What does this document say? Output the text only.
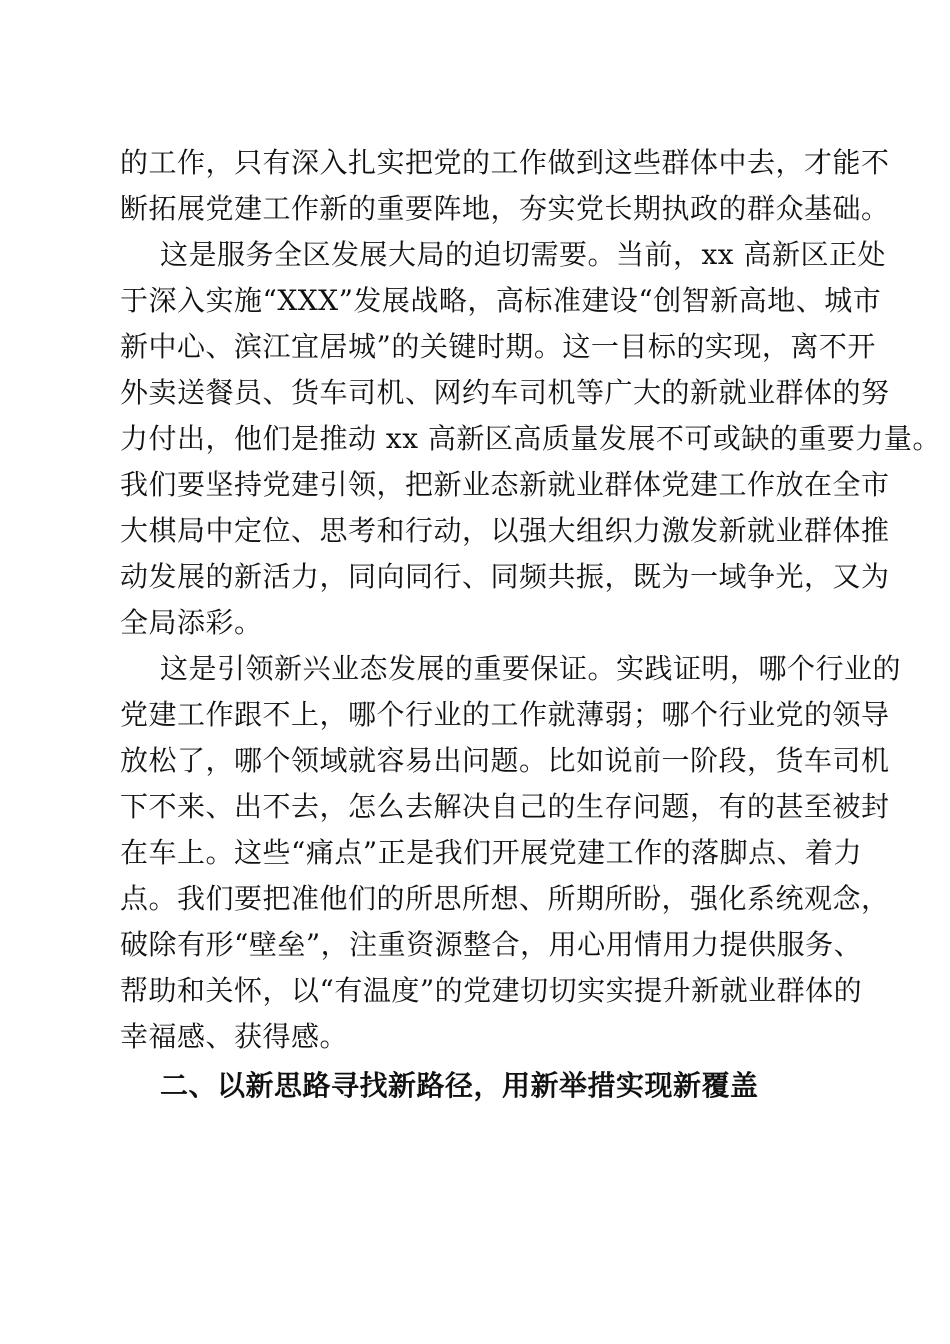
的工作，只有深入扎实把党的工作做到这些群体中去，才能不
断拓展党建工作新的重要阵地，夯实党长期执政的群众基础。
这是服务全区发展大局的迫切需要。当前，xx 高新区正处
于深入实施“XXX”发展战略，高标准建设“创智新高地、城市
新中心、滨江宜居城”的关键时期。这一目标的实现，离不开
外卖送餐员、货车司机、网约车司机等广大的新就业群体的努
力付出，他们是推动 xx 高新区高质量发展不可或缺的重要力量。
我们要坚持党建引领，把新业态新就业群体党建工作放在全市
大棋局中定位、思考和行动，以强大组织力激发新就业群体推
动发展的新活力，同向同行、同频共振，既为一域争光，又为
全局添彩。
这是引领新兴业态发展的重要保证。实践证明，哪个行业的
党建工作跟不上，哪个行业的工作就薄弱；哪个行业党的领导
放松了，哪个领域就容易出问题。比如说前一阶段，货车司机
下不来、出不去，怎么去解决自己的生存问题，有的甚至被封
在车上。这些“痛点”正是我们开展党建工作的落脚点、着力
点。我们要把准他们的所思所想、所期所盼，强化系统观念，
破除有形“壁垒”，注重资源整合，用心用情用力提供服务、
帮助和关怀，以“有温度”的党建切切实实提升新就业群体的
幸福感、获得感。
二、以新思路寻找新路径，用新举措实现新覆盖
